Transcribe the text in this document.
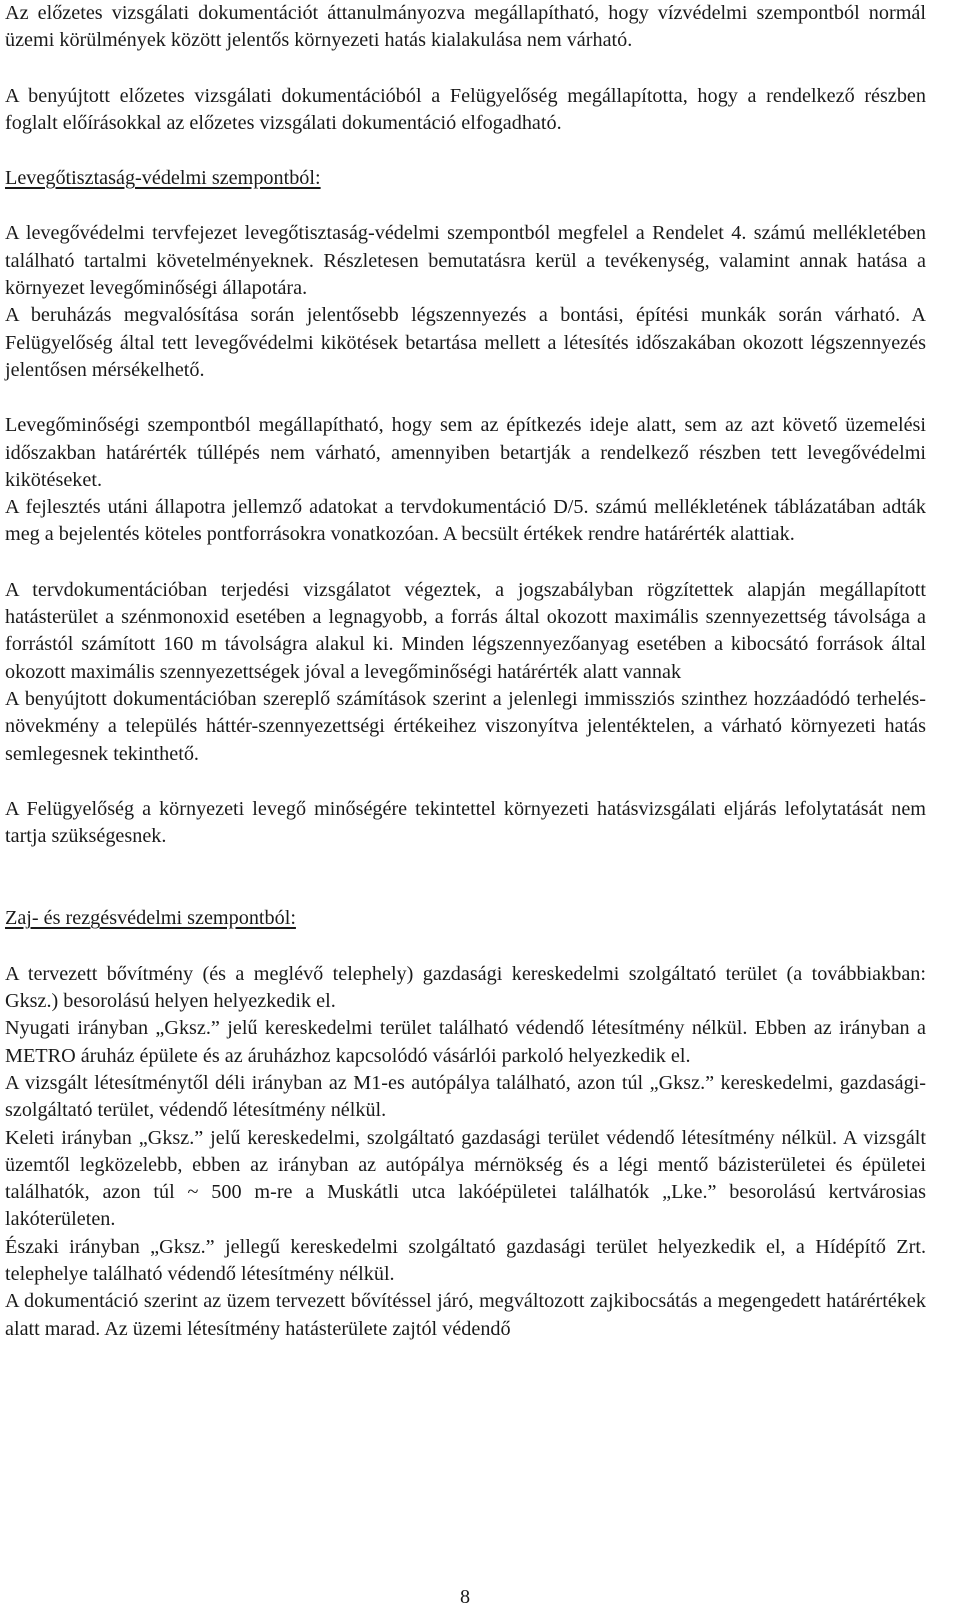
Az előzetes vizsgálati dokumentációt áttanulmányozva megállapítható, hogy vízvédelmi szempontból normál üzemi körülmények között jelentős környezeti hatás kialakulása nem várható.

A benyújtott előzetes vizsgálati dokumentációból a Felügyelőség megállapította, hogy a rendelkező részben foglalt előírásokkal az előzetes vizsgálati dokumentáció elfogadható.

Levegőtisztaság-védelmi szempontból:

A levegővédelmi tervfejezet levegőtisztaság-védelmi szempontból megfelel a Rendelet 4. számú mellékletében található tartalmi követelményeknek. Részletesen bemutatásra kerül a tevékenység, valamint annak hatása a környezet levegőminőségi állapotára.

A beruházás megvalósítása során jelentősebb légszennyezés a bontási, építési munkák során várható. A Felügyelőség által tett levegővédelmi kikötések betartása mellett a létesítés időszakában okozott légszennyezés jelentősen mérsékelhető.

Levegőminőségi szempontból megállapítható, hogy sem az építkezés ideje alatt, sem az azt követő üzemelési időszakban határérték túllépés nem várható, amennyiben betartják a rendelkező részben tett levegővédelmi kikötéseket.

A fejlesztés utáni állapotra jellemző adatokat a tervdokumentáció D/5. számú mellékletének táblázatában adták meg a bejelentés köteles pontforrásokra vonatkozóan. A becsült értékek rendre határérték alattiak.

A tervdokumentációban terjedési vizsgálatot végeztek, a jogszabályban rögzítettek alapján megállapított hatásterület a szénmonoxid esetében a legnagyobb, a forrás által okozott maximális szennyezettség távolsága a forrástól számított 160 m távolságra alakul ki. Minden légszennyezőanyag esetében a kibocsátó források által okozott maximális szennyezettségek jóval a levegőminőségi határérték alatt vannak

A benyújtott dokumentációban szereplő számítások szerint a jelenlegi immissziós szinthez hozzáadódó terhelés-növekmény a település háttér-szennyezettségi értékeihez viszonyítva jelentéktelen, a várható környezeti hatás semlegesnek tekinthető.

A Felügyelőség a környezeti levegő minőségére tekintettel környezeti hatásvizsgálati eljárás lefolytatását nem tartja szükségesnek.

Zaj- és rezgésvédelmi szempontból:

A tervezett bővítmény (és a meglévő telephely) gazdasági kereskedelmi szolgáltató terület (a továbbiakban: Gksz.) besorolású helyen helyezkedik el.

Nyugati irányban „Gksz.” jelű kereskedelmi terület található védendő létesítmény nélkül. Ebben az irányban a METRO áruház épülete és az áruházhoz kapcsolódó vásárlói parkoló helyezkedik el.

A vizsgált létesítménytől déli irányban az M1-es autópálya található, azon túl „Gksz.” kereskedelmi, gazdasági-szolgáltató terület, védendő létesítmény nélkül.

Keleti irányban „Gksz.” jelű kereskedelmi, szolgáltató gazdasági terület védendő létesítmény nélkül. A vizsgált üzemtől legközelebb, ebben az irányban az autópálya mérnökség és a légi mentő bázisterületei és épületei találhatók, azon túl ~ 500 m-re a Muskátli utca lakóépületei találhatók „Lke.” besorolású kertvárosias lakóterületen.

Északi irányban „Gksz.” jellegű kereskedelmi szolgáltató gazdasági terület helyezkedik el, a Hídépítő Zrt. telephelye található védendő létesítmény nélkül.

A dokumentáció szerint az üzem tervezett bővítéssel járó, megváltozott zajkibocsátás a megengedett határértékek alatt marad. Az üzemi létesítmény hatásterülete zajtól védendő

8
